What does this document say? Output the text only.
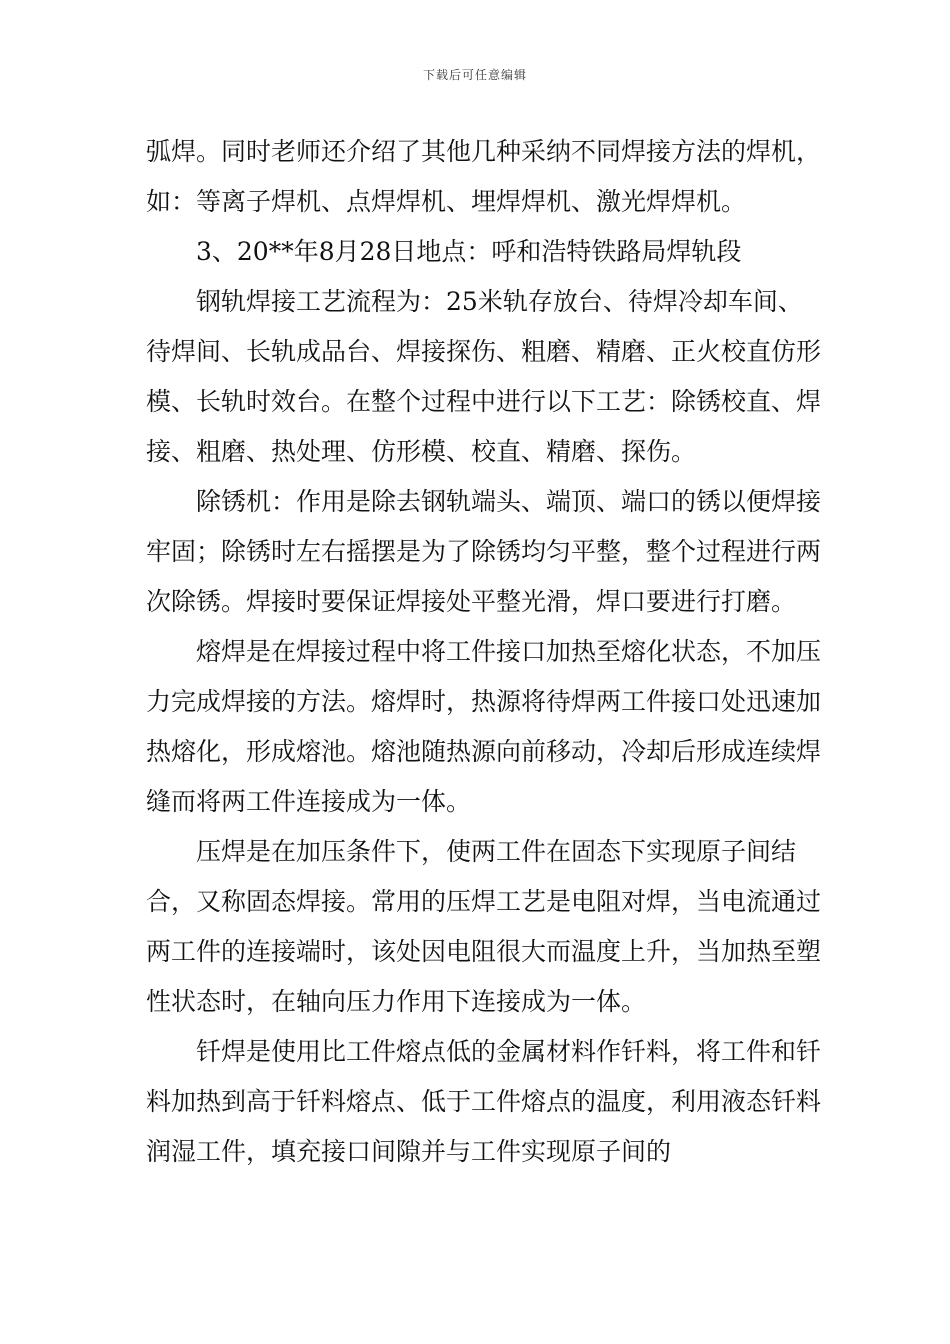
下载后可任意编辑

弧焊。同时老师还介绍了其他几种采纳不同焊接方法的焊机，如：等离子焊机、点焊焊机、埋焊焊机、激光焊焊机。

3、20**年8月28日地点：呼和浩特铁路局焊轨段

钢轨焊接工艺流程为：25米轨存放台、待焊冷却车间、待焊间、长轨成品台、焊接探伤、粗磨、精磨、正火校直仿形模、长轨时效台。在整个过程中进行以下工艺：除锈校直、焊接、粗磨、热处理、仿形模、校直、精磨、探伤。

除锈机：作用是除去钢轨端头、端顶、端口的锈以便焊接牢固；除锈时左右摇摆是为了除锈均匀平整，整个过程进行两次除锈。焊接时要保证焊接处平整光滑，焊口要进行打磨。

熔焊是在焊接过程中将工件接口加热至熔化状态，不加压力完成焊接的方法。熔焊时，热源将待焊两工件接口处迅速加热熔化，形成熔池。熔池随热源向前移动，冷却后形成连续焊缝而将两工件连接成为一体。

压焊是在加压条件下，使两工件在固态下实现原子间结合，又称固态焊接。常用的压焊工艺是电阻对焊，当电流通过两工件的连接端时，该处因电阻很大而温度上升，当加热至塑性状态时，在轴向压力作用下连接成为一体。

钎焊是使用比工件熔点低的金属材料作钎料，将工件和钎料加热到高于钎料熔点、低于工件熔点的温度，利用液态钎料润湿工件，填充接口间隙并与工件实现原子间的
